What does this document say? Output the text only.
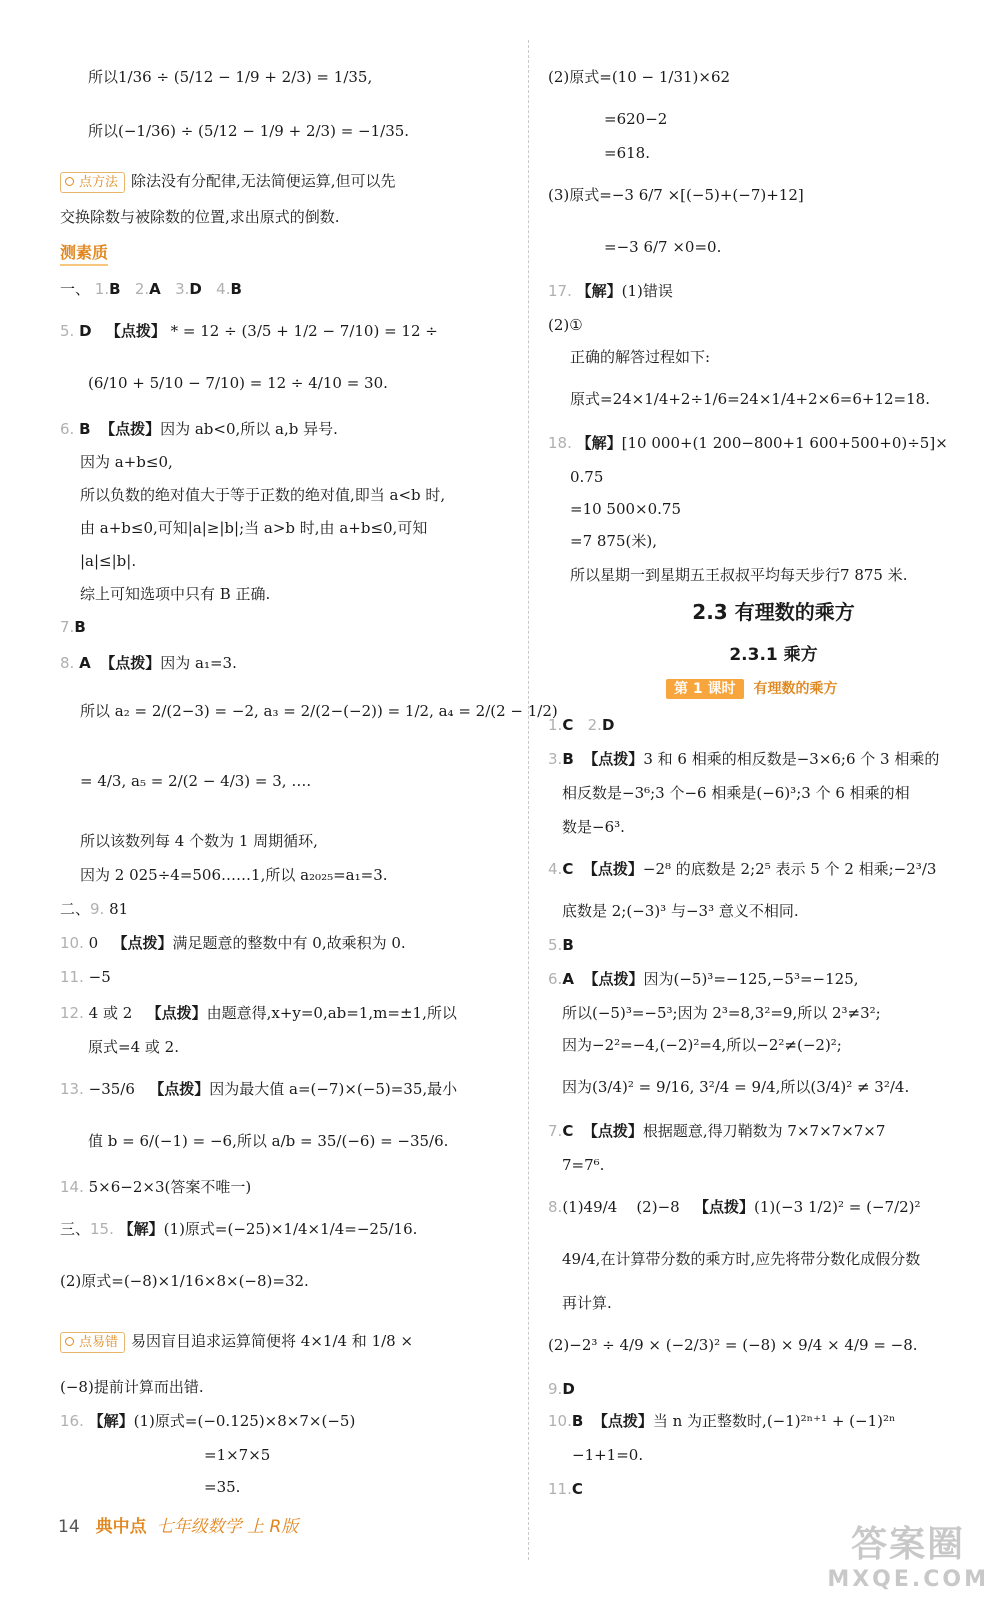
所以1/36 ÷ (5/12 − 1/9 + 2/3) = 1/35,
所以(−1/36) ÷ (5/12 − 1/9 + 2/3) = −1/35.
点方法 除法没有分配律,无法简便运算,但可以先
交换除数与被除数的位置,求出原式的倒数.
测素质
一、 1.B 2.A 3.D 4.B
5. D 【点拨】 * = 12 ÷ (3/5 + 1/2 − 7/10) = 12 ÷
(6/10 + 5/10 − 7/10) = 12 ÷ 4/10 = 30.
6. B 【点拨】因为 ab<0,所以 a,b 异号.
因为 a+b≤0,
所以负数的绝对值大于等于正数的绝对值,即当 a<b 时,
由 a+b≤0,可知|a|≥|b|;当 a>b 时,由 a+b≤0,可知
|a|≤|b|.
综上可知选项中只有 B 正确.
7.B
8. A 【点拨】因为 a₁=3.
所以 a₂ = 2/(2−3) = −2, a₃ = 2/(2−(−2)) = 1/2, a₄ = 2/(2 − 1/2)
= 4/3, a₅ = 2/(2 − 4/3) = 3, ….
所以该数列每 4 个数为 1 周期循环,
因为 2 025÷4=506……1,所以 a₂₀₂₅=a₁=3.
二、9. 81
10. 0 【点拨】满足题意的整数中有 0,故乘积为 0.
11. −5
12. 4 或 2 【点拨】由题意得,x+y=0,ab=1,m=±1,所以
原式=4 或 2.
13. −35/6 【点拨】因为最大值 a=(−7)×(−5)=35,最小
值 b = 6/(−1) = −6,所以 a/b = 35/(−6) = −35/6.
14. 5×6−2×3(答案不唯一)
三、15. 【解】(1)原式=(−25)×1/4×1/4=−25/16.
(2)原式=(−8)×1/16×8×(−8)=32.
点易错 易因盲目追求运算简便将 4×1/4 和 1/8 ×
(−8)提前计算而出错.
16. 【解】(1)原式=(−0.125)×8×7×(−5)
=1×7×5
=35.
(2)原式=(10 − 1/31)×62
=620−2
=618.
(3)原式=−3 6/7 ×[(−5)+(−7)+12]
=−3 6/7 ×0=0.
17. 【解】(1)错误
(2)①
正确的解答过程如下:
原式=24×1/4+2÷1/6=24×1/4+2×6=6+12=18.
18. 【解】[10 000+(1 200−800+1 600+500+0)÷5]×
0.75
=10 500×0.75
=7 875(米),
所以星期一到星期五王叔叔平均每天步行7 875 米.
2.3 有理数的乘方
2.3.1 乘方
第 1 课时 有理数的乘方
1.C 2.D
3.B 【点拨】3 和 6 相乘的相反数是−3×6;6 个 3 相乘的
相反数是−3⁶;3 个−6 相乘是(−6)³;3 个 6 相乘的相
数是−6³.
4.C 【点拨】−2⁸ 的底数是 2;2⁵ 表示 5 个 2 相乘;−2³/3
底数是 2;(−3)³ 与−3³ 意义不相同.
5.B
6.A 【点拨】因为(−5)³=−125,−5³=−125,
所以(−5)³=−5³;因为 2³=8,3²=9,所以 2³≠3²;
因为−2²=−4,(−2)²=4,所以−2²≠(−2)²;
因为(3/4)² = 9/16, 3²/4 = 9/4,所以(3/4)² ≠ 3²/4.
7.C 【点拨】根据题意,得刀鞘数为 7×7×7×7×7
7=7⁶.
8.(1)49/4 (2)−8 【点拨】(1)(−3 1/2)² = (−7/2)²
49/4,在计算带分数的乘方时,应先将带分数化成假分数
再计算.
(2)−2³ ÷ 4/9 × (−2/3)² = (−8) × 9/4 × 4/9 = −8.
9.D
10.B 【点拨】当 n 为正整数时,(−1)²ⁿ⁺¹ + (−1)²ⁿ
−1+1=0.
11.C
14 典中点 七年级数学 上 R版	答案圈
MXQE.COM
